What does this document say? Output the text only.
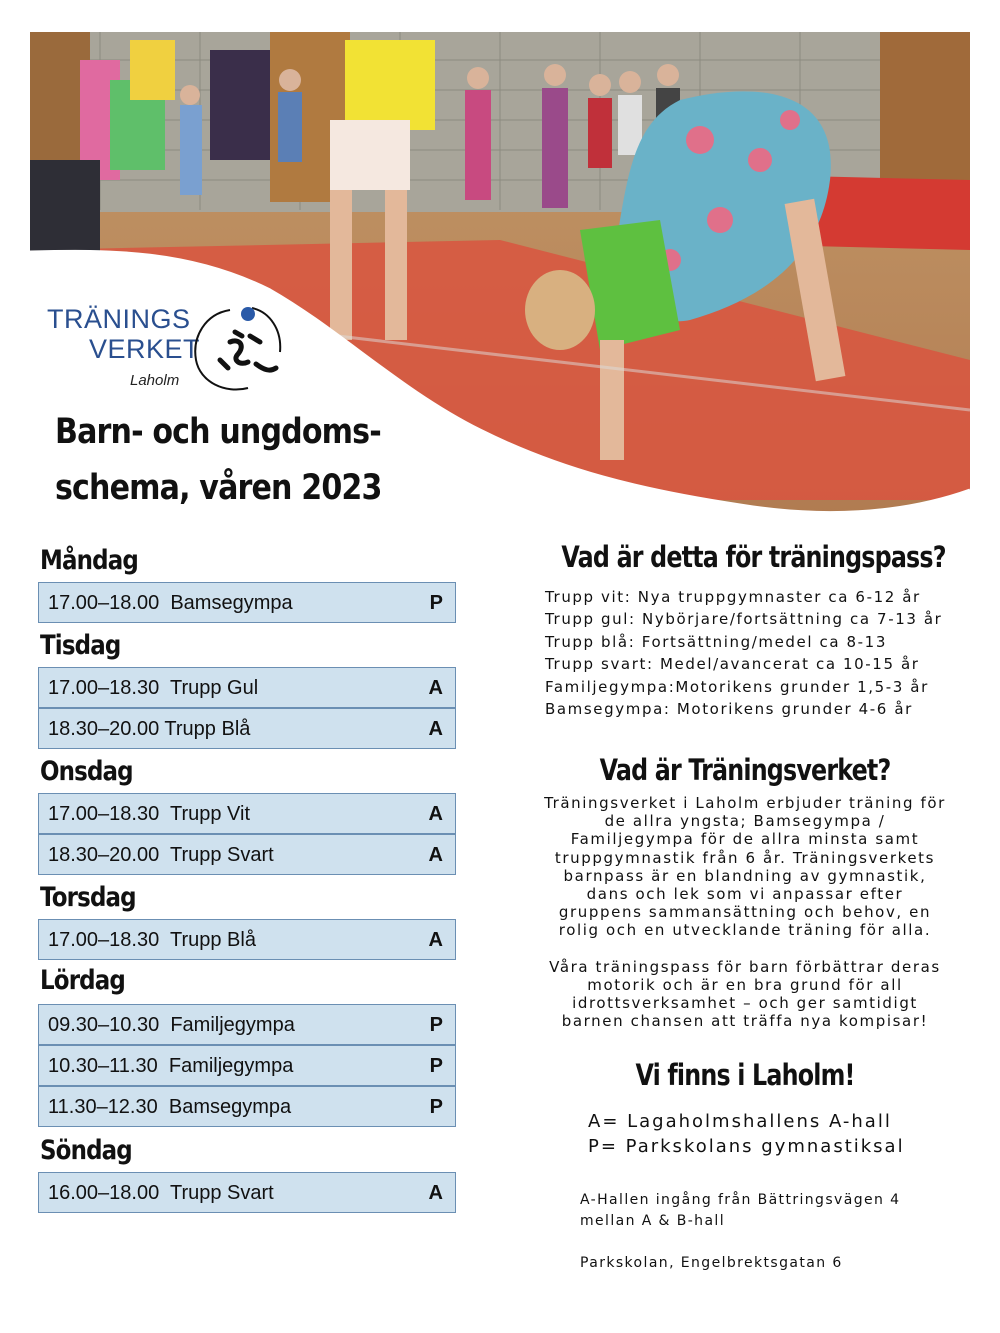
TRÄNINGS
VERKET
Laholm
Barn- och ungdoms-
schema, våren 2023
Måndag
17.00–18.00  Bamsegympa	P
Tisdag
17.00–18.30  Trupp Gul	A
18.30–20.00 Trupp Blå	A
Onsdag
17.00–18.30  Trupp Vit	A
18.30–20.00  Trupp Svart	A
Torsdag
17.00–18.30  Trupp Blå	A
Lördag
09.30–10.30  Familjegympa	P
10.30–11.30  Familjegympa	P
11.30–12.30  Bamsegympa	P
Söndag
16.00–18.00  Trupp Svart	A
Vad är detta för träningspass?
Trupp vit: Nya truppgymnaster ca 6-12 år
Trupp gul: Nybörjare/fortsättning ca 7-13 år
Trupp blå: Fortsättning/medel ca 8-13
Trupp svart: Medel/avancerat ca 10-15 år
Familjegympa:Motorikens grunder 1,5-3 år
Bamsegympa: Motorikens grunder 4-6 år
Vad är Träningsverket?

Träningsverket i Laholm erbjuder träning för
de allra yngsta; Bamsegympa /
Familjegympa för de allra minsta samt
truppgymnastik från 6 år. Träningsverkets
barnpass är en blandning av gymnastik,
dans och lek som vi anpassar efter
gruppens sammansättning och behov, en
rolig och en utvecklande träning för alla.

Våra träningspass för barn förbättrar deras
motorik och är en bra grund för all
idrottsverksamhet – och ger samtidigt
barnen chansen att träffa nya kompisar!

Vi finns i Laholm!
A= Lagaholmshallens A-hall
P= Parkskolans gymnastiksal
A-Hallen ingång från Bättringsvägen 4
mellan A & B-hall
Parkskolan, Engelbrektsgatan 6
